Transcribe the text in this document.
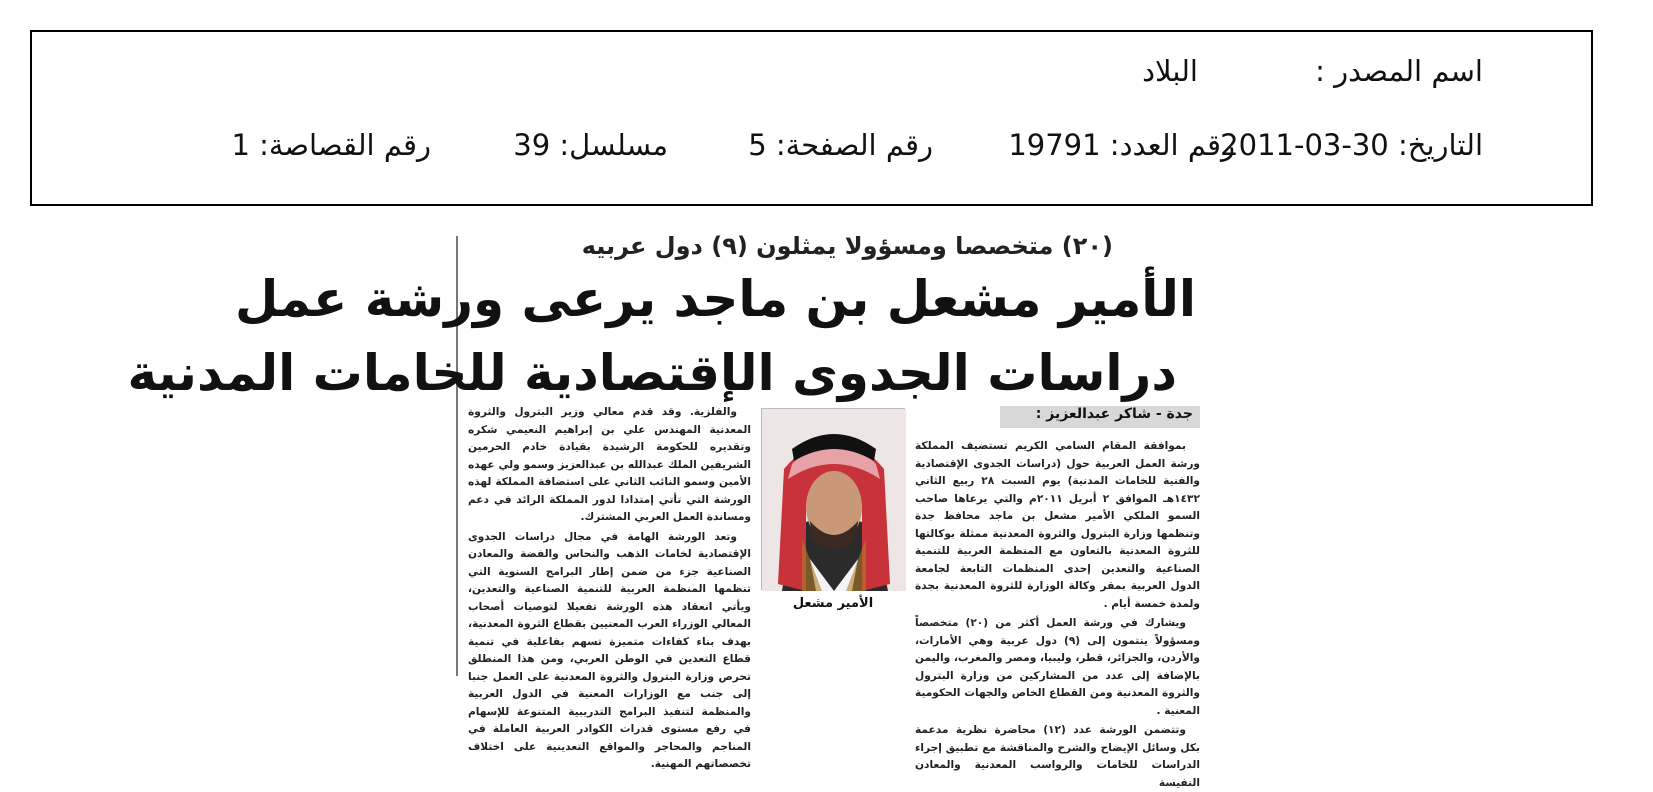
اسم المصدر :
البلاد
التاريخ: 30-03-2011
رقم العدد: 19791
رقم الصفحة: 5
مسلسل: 39
رقم القصاصة: 1
(٢٠) متخصصا ومسؤولا يمثلون (٩) دول عربيه
الأمير مشعل بن ماجد يرعى ورشة عمل
دراسات الجدوى الإقتصادية للخامات المدنية
جدة - شاكر عبدالعزيز :

بموافقة المقام السامي الكريم تستضيف المملكة ورشة العمل العربية حول (دراسات الجدوى الإقتصادية والفنية للخامات المدنية) يوم السبت ٢٨ ربيع الثاني ١٤٣٢هـ الموافق ٢ أبريل ٢٠١١م والتي يرعاها صاحب السمو الملكي الأمير مشعل بن ماجد محافظ جدة وتنظمها وزارة البترول والثروة المعدنية ممثلة بوكالتها للثروة المعدنية بالتعاون مع المنظمة العربية للتنمية الصناعية والتعدين إحدى المنظمات التابعة لجامعة الدول العربية بمقر وكالة الوزارة للثروة المعدنية بجدة ولمدة خمسة أيام .

ويشارك في ورشة العمل أكثر من (٢٠) متخصصاً ومسؤولاً ينتمون إلى (٩) دول عربية وهي الأمارات، والأردن، والجزائر، قطر، وليبيا، ومصر والمغرب، واليمن بالإضافة إلى عدد من المشاركين من وزارة البترول والثروة المعدنية ومن القطاع الخاص والجهات الحكومية المعنية .

وتتضمن الورشة عدد (١٢) محاضرة نظرية مدعمة بكل وسائل الإيضاح والشرح والمناقشة مع تطبيق إجراء الدراسات للخامات والرواسب المعدنية والمعادن النفيسة

الأمير مشعل

والفلزية. وقد قدم معالي وزير البترول والثروة المعدنية المهندس علي بن إبراهيم النعيمي شكره وتقديره للحكومة الرشيدة بقيادة خادم الحرمين الشريفين الملك عبدالله بن عبدالعزيز وسمو ولي عهده الأمين وسمو النائب الثاني على استضافة المملكة لهذه الورشة التي تأتي إمتدادا لدور المملكة الرائد في دعم ومساندة العمل العربي المشترك.

وتعد الورشة الهامة في مجال دراسات الجدوى الإقتصادية لخامات الذهب والنحاس والفضة والمعادن الصناعية جزء من ضمن إطار البرامج السنوية التي تنظمها المنظمة العربية للتنمية الصناعية والتعدين، ويأتي انعقاد هذه الورشة تفعيلا لتوصيات أصحاب المعالي الوزراء العرب المعنيين بقطاع الثروة المعدنية، بهدف بناء كفاءات متميزة تسهم بفاعلية في تنمية قطاع التعدين في الوطن العربي، ومن هذا المنطلق تحرص وزارة البترول والثروة المعدنية على العمل جنبا إلى جنب مع الوزارات المعنية في الدول العربية والمنظمة لتنفيذ البرامج التدريبية المتنوعة للإسهام في رفع مستوى قدرات الكوادر العربية العاملة في المناجم والمحاجر والمواقع التعدينية على اختلاف تخصصاتهم المهنية.
